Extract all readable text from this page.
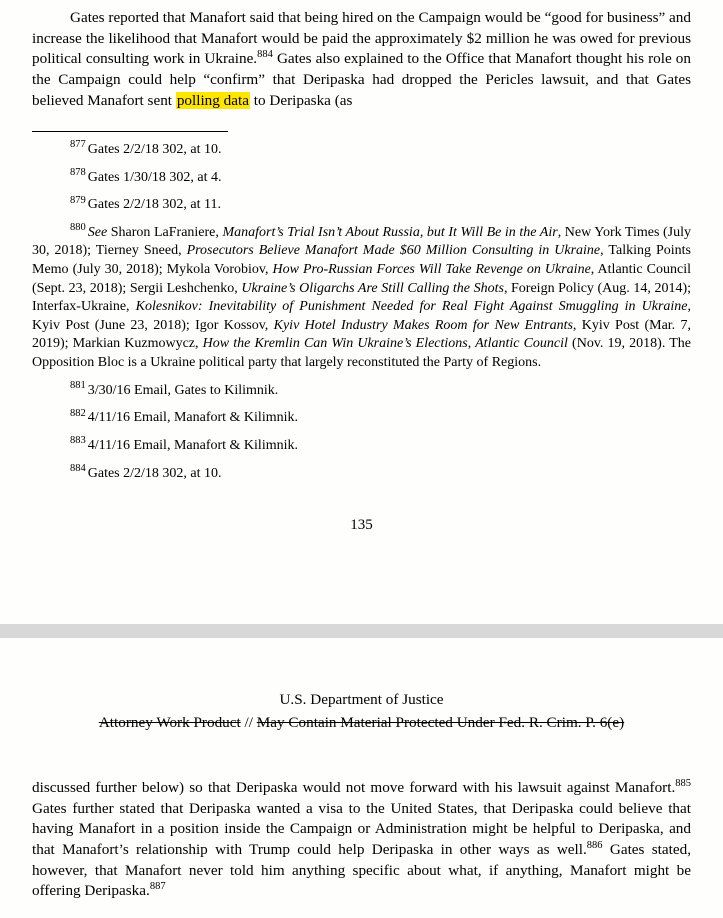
Gates reported that Manafort said that being hired on the Campaign would be “good for business” and increase the likelihood that Manafort would be paid the approximately $2 million he was owed for previous political consulting work in Ukraine.$^{884}$ Gates also explained to the Office that Manafort thought his role on the Campaign could help “confirm” that Deripaska had dropped the Pericles lawsuit, and that Gates believed Manafort sent polling data to Deripaska (as

$^{877}$ Gates 2/2/18 302, at 10.

$^{878}$ Gates 1/30/18 302, at 4.

$^{879}$ Gates 2/2/18 302, at 11.

$^{880}$ See Sharon LaFraniere, Manafort’s Trial Isn’t About Russia, but It Will Be in the Air, New York Times (July 30, 2018); Tierney Sneed, Prosecutors Believe Manafort Made $60 Million Consulting in Ukraine, Talking Points Memo (July 30, 2018); Mykola Vorobiov, How Pro-Russian Forces Will Take Revenge on Ukraine, Atlantic Council (Sept. 23, 2018); Sergii Leshchenko, Ukraine’s Oligarchs Are Still Calling the Shots, Foreign Policy (Aug. 14, 2014); Interfax-Ukraine, Kolesnikov: Inevitability of Punishment Needed for Real Fight Against Smuggling in Ukraine, Kyiv Post (June 23, 2018); Igor Kossov, Kyiv Hotel Industry Makes Room for New Entrants, Kyiv Post (Mar. 7, 2019); Markian Kuzmowycz, How the Kremlin Can Win Ukraine’s Elections, Atlantic Council (Nov. 19, 2018). The Opposition Bloc is a Ukraine political party that largely reconstituted the Party of Regions.

$^{881}$ 3/30/16 Email, Gates to Kilimnik.

$^{882}$ 4/11/16 Email, Manafort & Kilimnik.

$^{883}$ 4/11/16 Email, Manafort & Kilimnik.

$^{884}$ Gates 2/2/18 302, at 10.

135
U.S. Department of Justice
Attorney Work Product // May Contain Material Protected Under Fed. R. Crim. P. 6(e)

discussed further below) so that Deripaska would not move forward with his lawsuit against Manafort.$^{885}$ Gates further stated that Deripaska wanted a visa to the United States, that Deripaska could believe that having Manafort in a position inside the Campaign or Administration might be helpful to Deripaska, and that Manafort’s relationship with Trump could help Deripaska in other ways as well.$^{886}$ Gates stated, however, that Manafort never told him anything specific about what, if anything, Manafort might be offering Deripaska.$^{887}$
